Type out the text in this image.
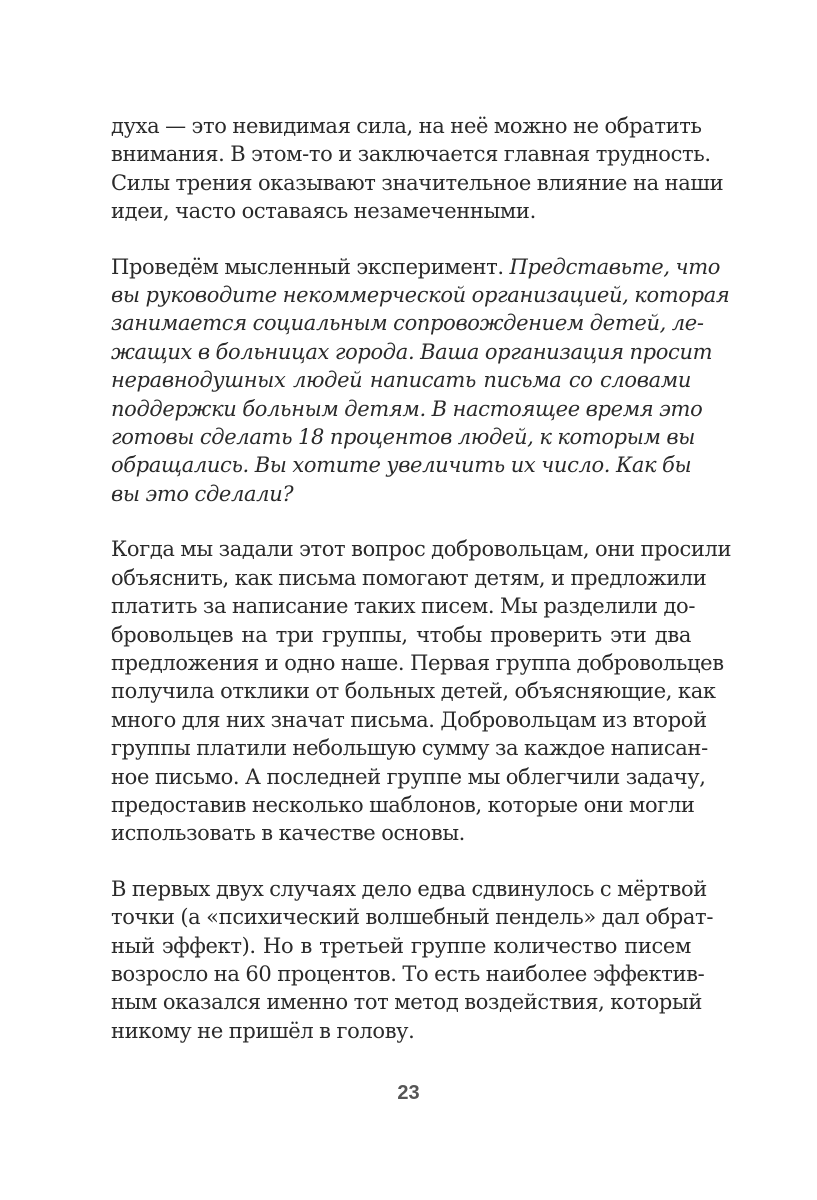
духа — это невидимая сила, на неё можно не обратить
внимания. В этом-то и заключается главная трудность.
Силы трения оказывают значительное влияние на наши
идеи, часто оставаясь незамеченными.
Проведём мысленный эксперимент. Представьте, что
вы руководите некоммерческой организацией, которая
занимается социальным сопровождением детей, ле-
жащих в больницах города. Ваша организация просит
неравнодушных людей написать письма со словами
поддержки больным детям. В настоящее время это
готовы сделать 18 процентов людей, к которым вы
обращались. Вы хотите увеличить их число. Как бы
вы это сделали?
Когда мы задали этот вопрос добровольцам, они просили
объяснить, как письма помогают детям, и предложили
платить за написание таких писем. Мы разделили до-
бровольцев на три группы, чтобы проверить эти два
предложения и одно наше. Первая группа добровольцев
получила отклики от больных детей, объясняющие, как
много для них значат письма. Добровольцам из второй
группы платили небольшую сумму за каждое написан-
ное письмо. А последней группе мы облегчили задачу,
предоставив несколько шаблонов, которые они могли
использовать в качестве основы.
В первых двух случаях дело едва сдвинулось с мёртвой
точки (а «психический волшебный пендель» дал обрат-
ный эффект). Но в третьей группе количество писем
возросло на 60 процентов. То есть наиболее эффектив-
ным оказался именно тот метод воздействия, который
никому не пришёл в голову.
23
